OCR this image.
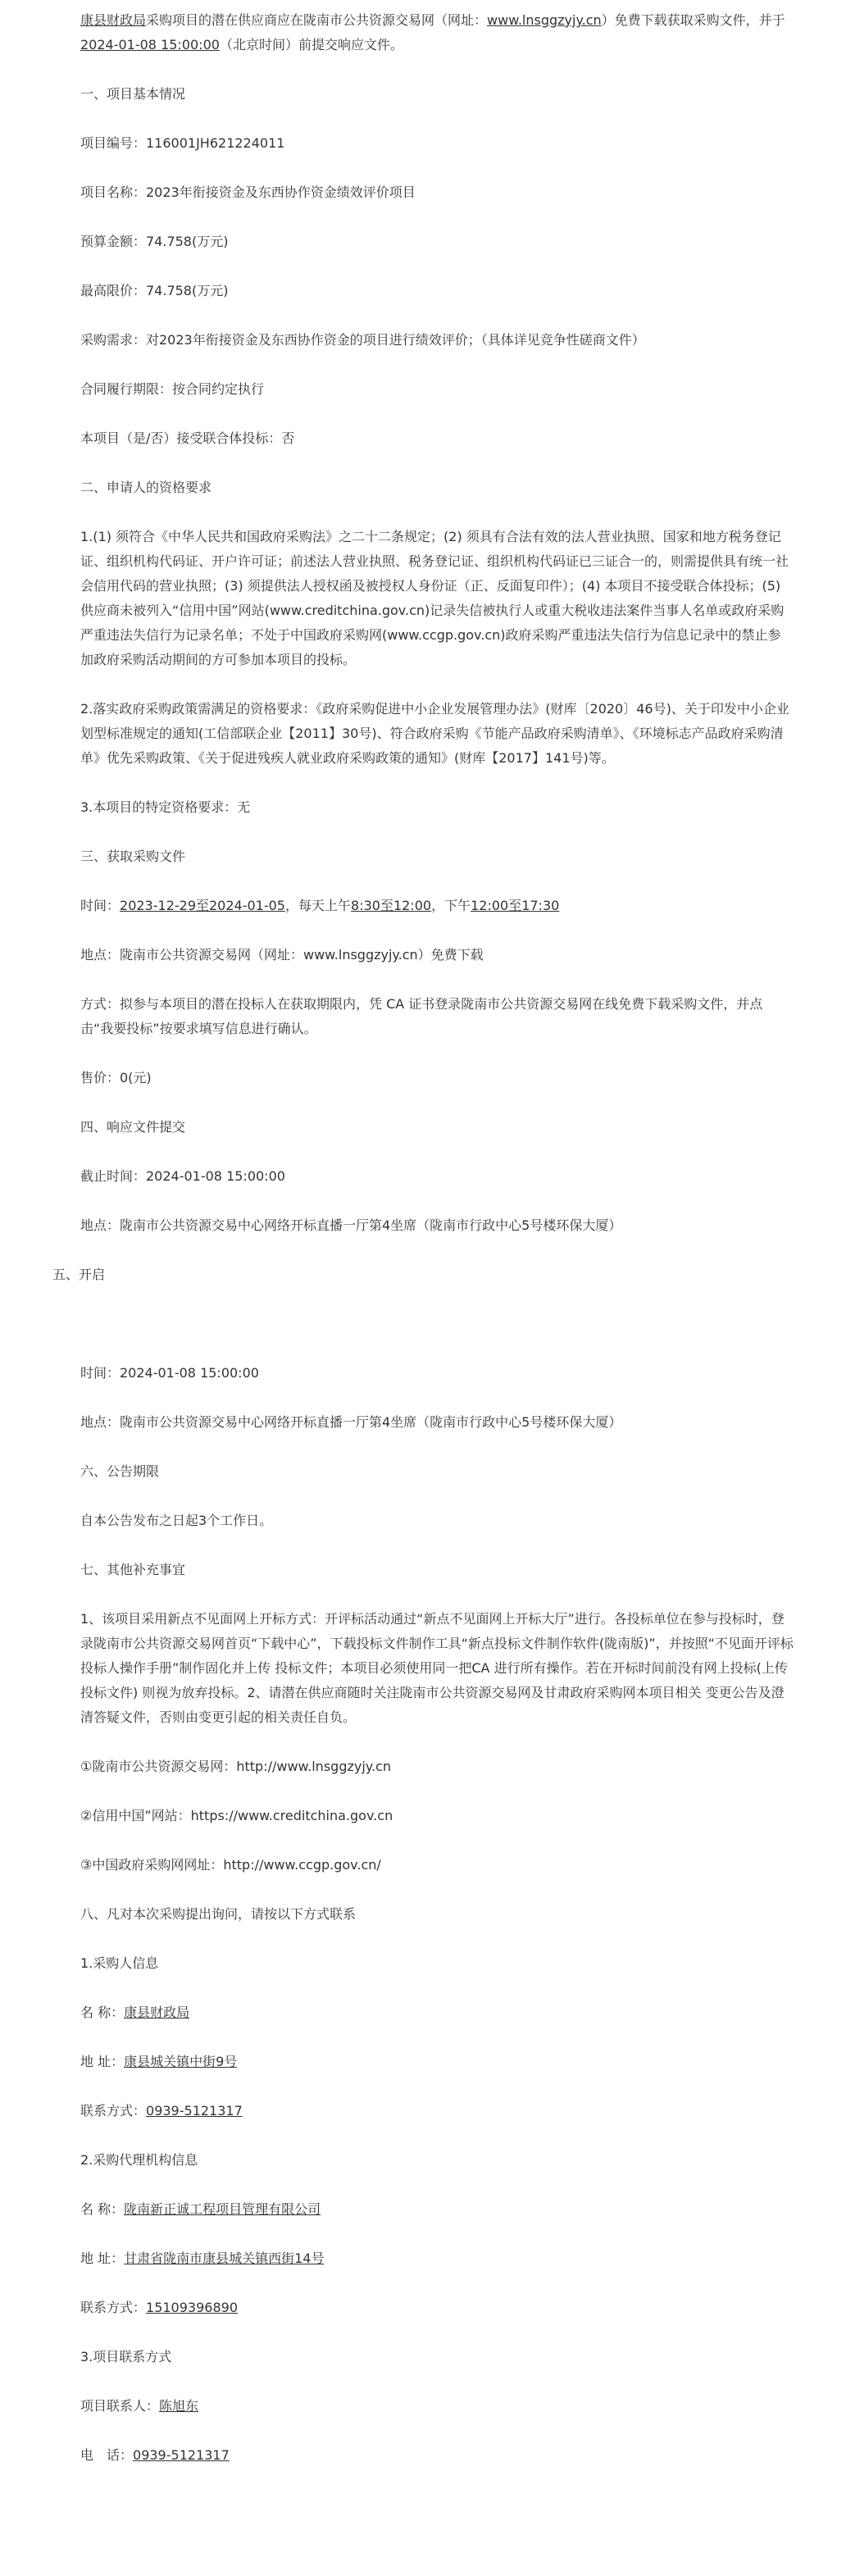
康县财政局采购项目的潜在供应商应在陇南市公共资源交易网（网址：www.lnsggzyjy.cn）免费下载获取采购文件，并于2024-01-08 15:00:00（北京时间）前提交响应文件。

一、项目基本情况

项目编号：116001JH621224011

项目名称：2023年衔接资金及东西协作资金绩效评价项目

预算金额：74.758(万元)

最高限价：74.758(万元)

采购需求：对2023年衔接资金及东西协作资金的项目进行绩效评价；（具体详见竞争性磋商文件）

合同履行期限：按合同约定执行

本项目（是/否）接受联合体投标：否

二、申请人的资格要求

1.(1) 须符合《中华人民共和国政府采购法》之二十二条规定；(2) 须具有合法有效的法人营业执照、国家和地方税务登记证、组织机构代码证、开户许可证；前述法人营业执照、税务登记证、组织机构代码证已三证合一的，则需提供具有统一社会信用代码的营业执照；(3) 须提供法人授权函及被授权人身份证（正、反面复印件）；(4) 本项目不接受联合体投标；(5) 供应商未被列入“信用中国”网站(www.creditchina.gov.cn)记录失信被执行人或重大税收违法案件当事人名单或政府采购严重违法失信行为记录名单；不处于中国政府采购网(www.ccgp.gov.cn)政府采购严重违法失信行为信息记录中的禁止参加政府采购活动期间的方可参加本项目的投标。

2.落实政府采购政策需满足的资格要求：《政府采购促进中小企业发展管理办法》(财库〔2020〕46号)、关于印发中小企业划型标准规定的通知(工信部联企业【2011】30号)、符合政府采购《节能产品政府采购清单》、《环境标志产品政府采购清单》优先采购政策、《关于促进残疾人就业政府采购政策的通知》(财库【2017】141号)等。

3.本项目的特定资格要求：无

三、获取采购文件

时间：2023-12-29至2024-01-05，每天上午8:30至12:00，下午12:00至17:30

地点：陇南市公共资源交易网（网址：www.lnsggzyjy.cn）免费下载

方式：拟参与本项目的潜在投标人在获取期限内，凭 CA 证书登录陇南市公共资源交易网在线免费下载采购文件，并点击“我要投标”按要求填写信息进行确认。

售价：0(元)

四、响应文件提交

截止时间：2024-01-08 15:00:00

地点：陇南市公共资源交易中心网络开标直播一厅第4坐席（陇南市行政中心5号楼环保大厦）

五、开启

时间：2024-01-08 15:00:00

地点：陇南市公共资源交易中心网络开标直播一厅第4坐席（陇南市行政中心5号楼环保大厦）

六、公告期限

自本公告发布之日起3个工作日。

七、其他补充事宜

1、该项目采用新点不见面网上开标方式：开评标活动通过“新点不见面网上开标大厅”进行。各投标单位在参与投标时，登录陇南市公共资源交易网首页“下载中心”，下载投标文件制作工具“新点投标文件制作软件(陇南版)”，并按照“不见面开评标投标人操作手册”制作固化并上传 投标文件；本项目必须使用同一把CA 进行所有操作。若在开标时间前没有网上投标(上传投标文件) 则视为放弃投标。2、请潜在供应商随时关注陇南市公共资源交易网及甘肃政府采购网本项目相关 变更公告及澄清答疑文件，否则由变更引起的相关责任自负。

①陇南市公共资源交易网：http://www.lnsggzyjy.cn

②信用中国”网站：https://www.creditchina.gov.cn

③中国政府采购网网址：http://www.ccgp.gov.cn/

八、凡对本次采购提出询问，请按以下方式联系

1.采购人信息

名 称：康县财政局

地 址：康县城关镇中街9号

联系方式：0939-5121317

2.采购代理机构信息

名 称：陇南新正诚工程项目管理有限公司

地 址：甘肃省陇南市康县城关镇西街14号

联系方式：15109396890

3.项目联系方式

项目联系人：陈旭东

电　话：0939-5121317
